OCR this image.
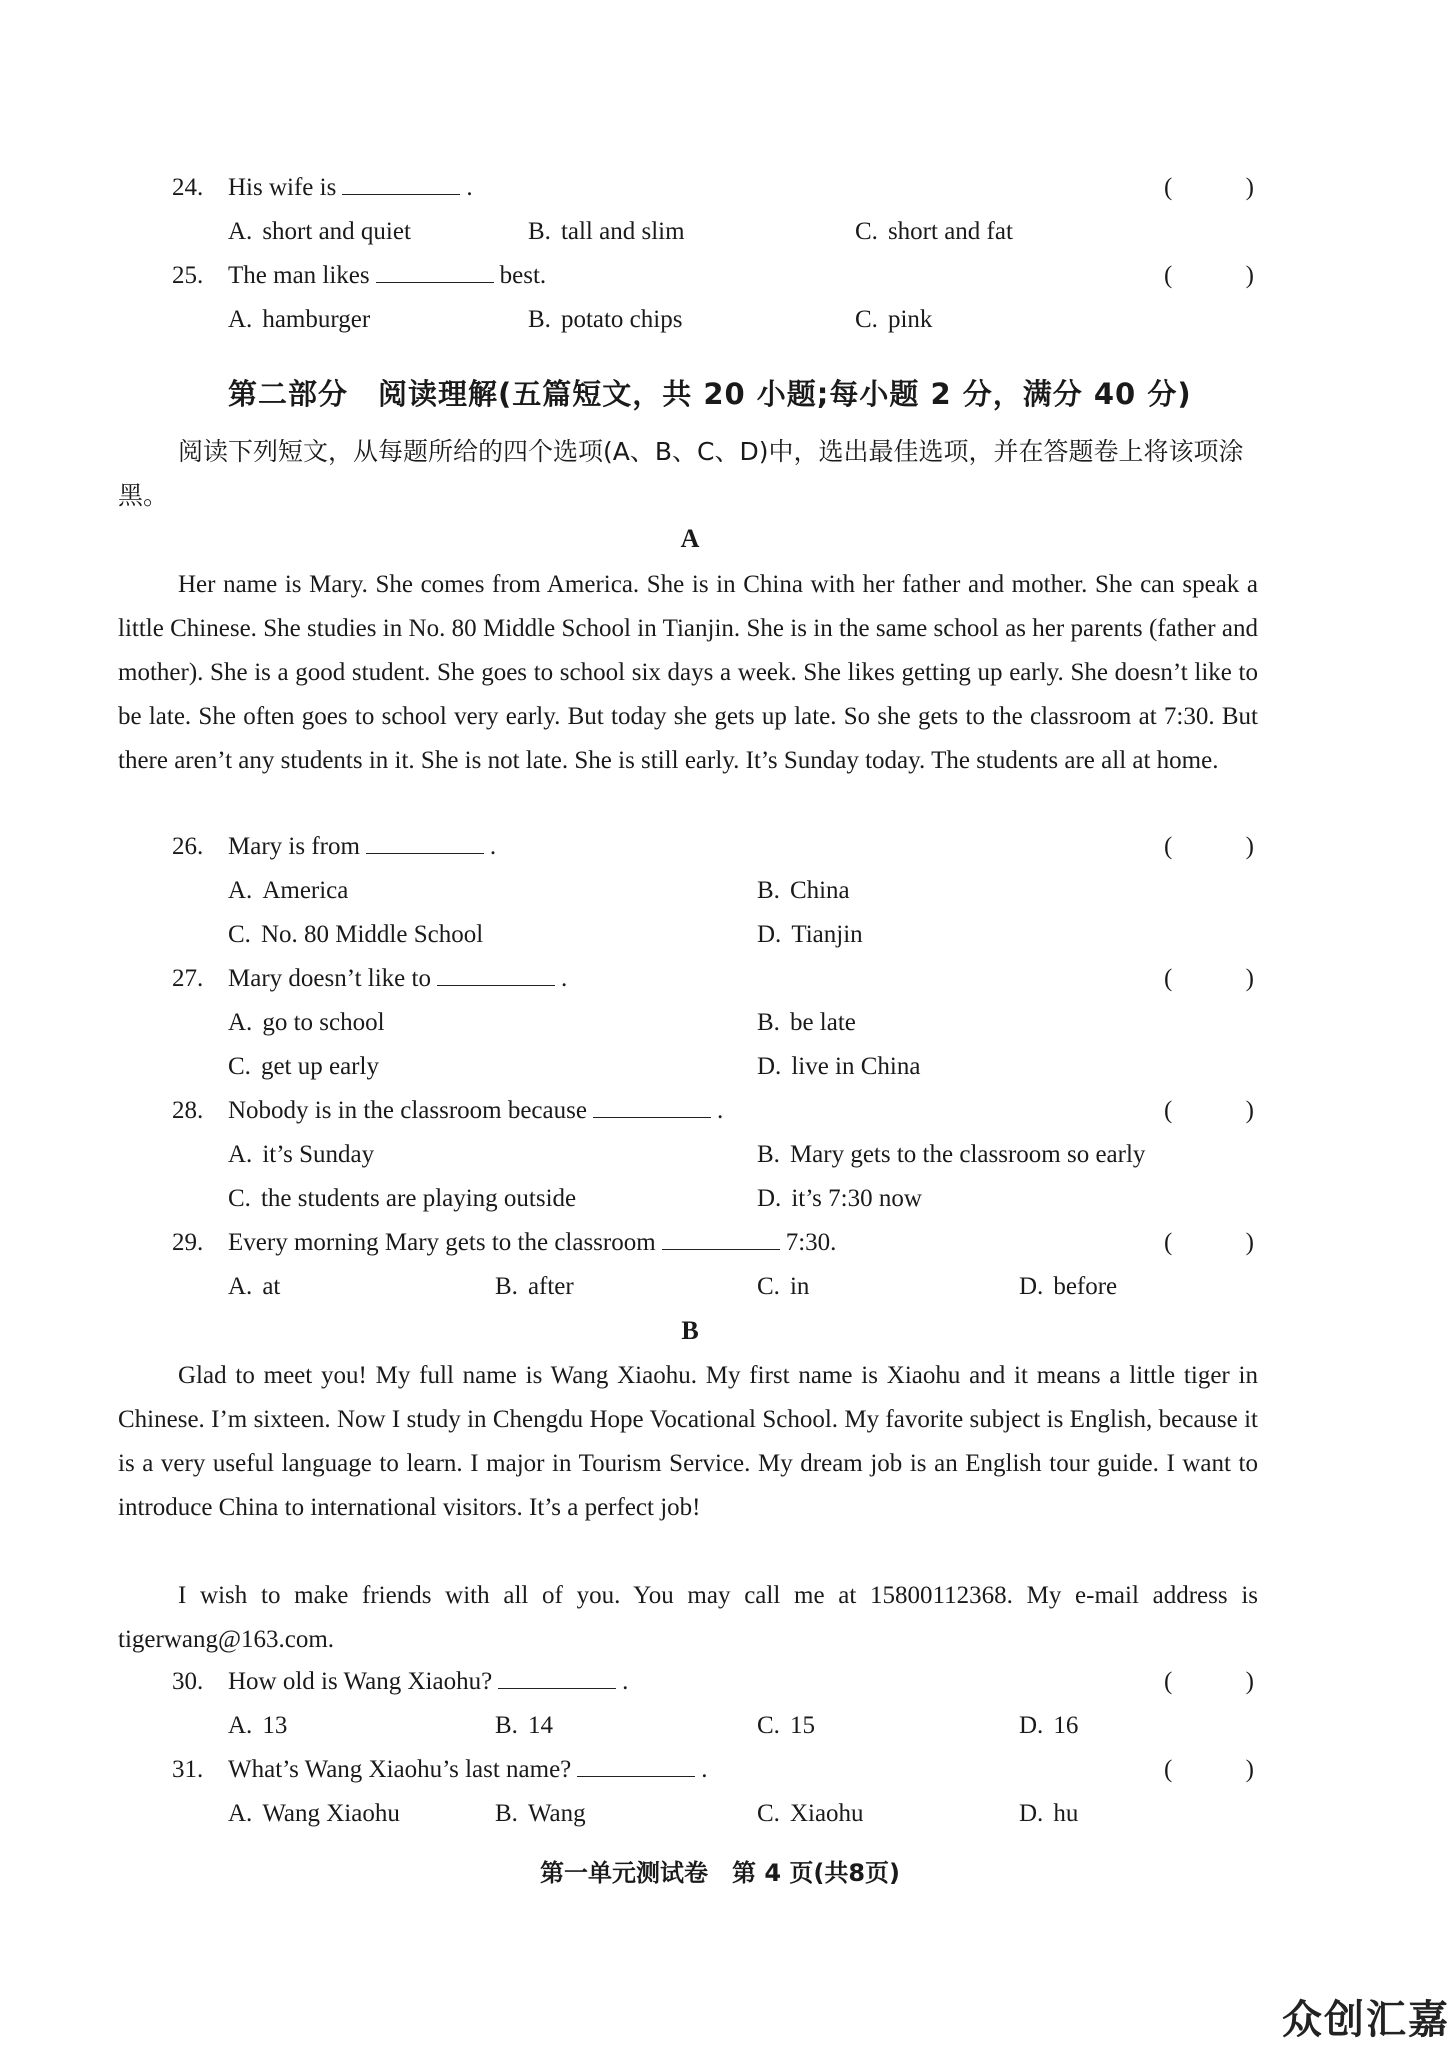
24. His wife is	.	(	)
A. short and quiet	B. tall and slim	C. short and fat
25. The man likes	best.	(	)
A. hamburger	B. potato chips	C. pink
第二部分　阅读理解(五篇短文，共 20 小题;每小题 2 分，满分 40 分)
阅读下列短文，从每题所给的四个选项(A、B、C、D)中，选出最佳选项，并在答题卷上将该项涂黑。
A
Her name is Mary. She comes from America. She is in China with her father and mother. She can speak a little Chinese. She studies in No. 80 Middle School in Tianjin. She is in the same school as her parents (father and mother). She is a good student. She goes to school six days a week. She likes getting up early. She doesn’t like to be late. She often goes to school very early. But today she gets up late. So she gets to the classroom at 7:30. But there aren’t any students in it. She is not late. She is still early. It’s Sunday today. The students are all at home.
26. Mary is from	.	(	)
A. America	B. China
C. No. 80 Middle School	D. Tianjin
27. Mary doesn’t like to	.	(	)
A. go to school	B. be late
C. get up early	D. live in China
28. Nobody is in the classroom because	.	(	)
A. it’s Sunday	B. Mary gets to the classroom so early
C. the students are playing outside	D. it’s 7:30 now
29. Every morning Mary gets to the classroom	7:30.	(	)
A. at	B. after	C. in	D. before
B
Glad to meet you! My full name is Wang Xiaohu. My first name is Xiaohu and it means a little tiger in Chinese. I’m sixteen. Now I study in Chengdu Hope Vocational School. My favorite subject is English, because it is a very useful language to learn. I major in Tourism Service. My dream job is an English tour guide. I want to introduce China to international visitors. It’s a perfect job!
I wish to make friends with all of you. You may call me at 15800112368. My e-mail address is tigerwang@163.com.
30. How old is Wang Xiaohu?	.	(	)
A. 13	B. 14	C. 15	D. 16
31. What’s Wang Xiaohu’s last name?	.	(	)
A. Wang Xiaohu	B. Wang	C. Xiaohu	D. hu
第一单元测试卷　第 4 页(共8页)
众创汇嘉
